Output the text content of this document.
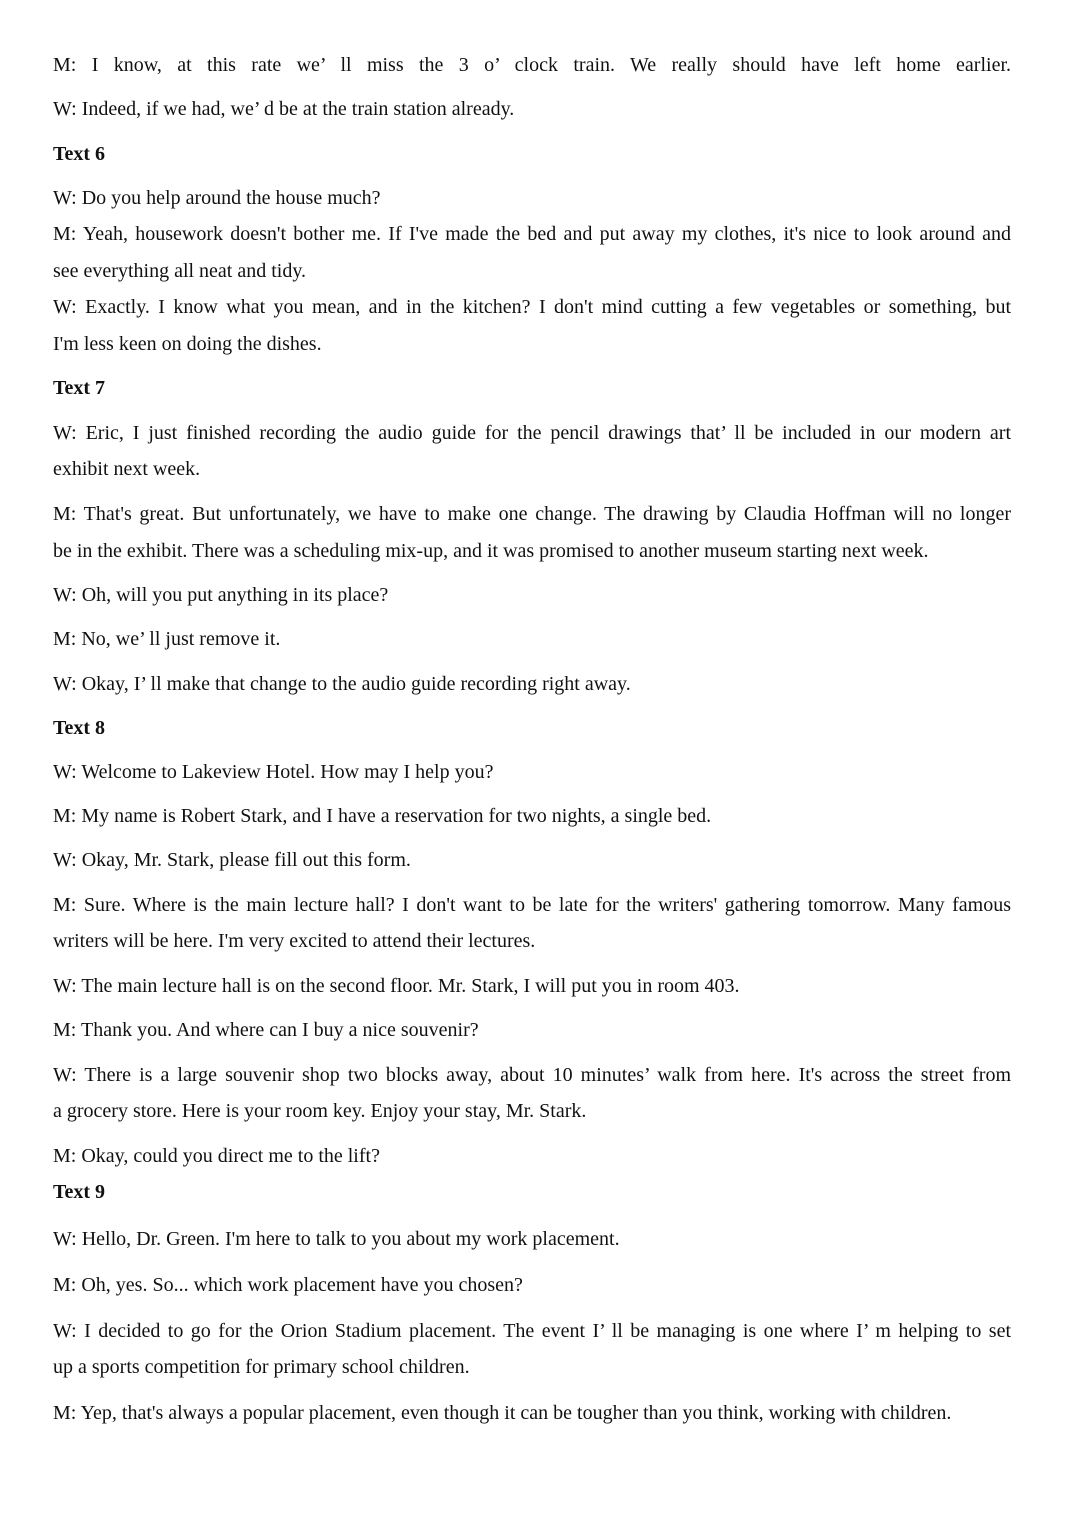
M: I know, at this rate we’ ll miss the 3 o’ clock train. We really should have left home earlier.
W: Indeed, if we had, we’ d be at the train station already.
Text 6
W: Do you help around the house much?
M: Yeah, housework doesn't bother me. If I've made the bed and put away my clothes, it's nice to look around and
see everything all neat and tidy.
W: Exactly. I know what you mean, and in the kitchen? I don't mind cutting a few vegetables or something, but
I'm less keen on doing the dishes.
Text 7
W: Eric, I just finished recording the audio guide for the pencil drawings that’ ll be included in our modern art
exhibit next week.
M: That's great. But unfortunately, we have to make one change. The drawing by Claudia Hoffman will no longer
be in the exhibit. There was a scheduling mix-up, and it was promised to another museum starting next week.
W: Oh, will you put anything in its place?
M: No, we’ ll just remove it.
W: Okay, I’ ll make that change to the audio guide recording right away.
Text 8
W: Welcome to Lakeview Hotel. How may I help you?
M: My name is Robert Stark, and I have a reservation for two nights, a single bed.
W: Okay, Mr. Stark, please fill out this form.
M: Sure. Where is the main lecture hall? I don't want to be late for the writers' gathering tomorrow. Many famous
writers will be here. I'm very excited to attend their lectures.
W: The main lecture hall is on the second floor. Mr. Stark, I will put you in room 403.
M: Thank you. And where can I buy a nice souvenir?
W: There is a large souvenir shop two blocks away, about 10 minutes’ walk from here. It's across the street from
a grocery store. Here is your room key. Enjoy your stay, Mr. Stark.
M: Okay, could you direct me to the lift?
Text 9
W: Hello, Dr. Green. I'm here to talk to you about my work placement.
M: Oh, yes. So... which work placement have you chosen?
W: I decided to go for the Orion Stadium placement. The event I’ ll be managing is one where I’ m helping to set
up a sports competition for primary school children.
M: Yep, that's always a popular placement, even though it can be tougher than you think, working with children.
